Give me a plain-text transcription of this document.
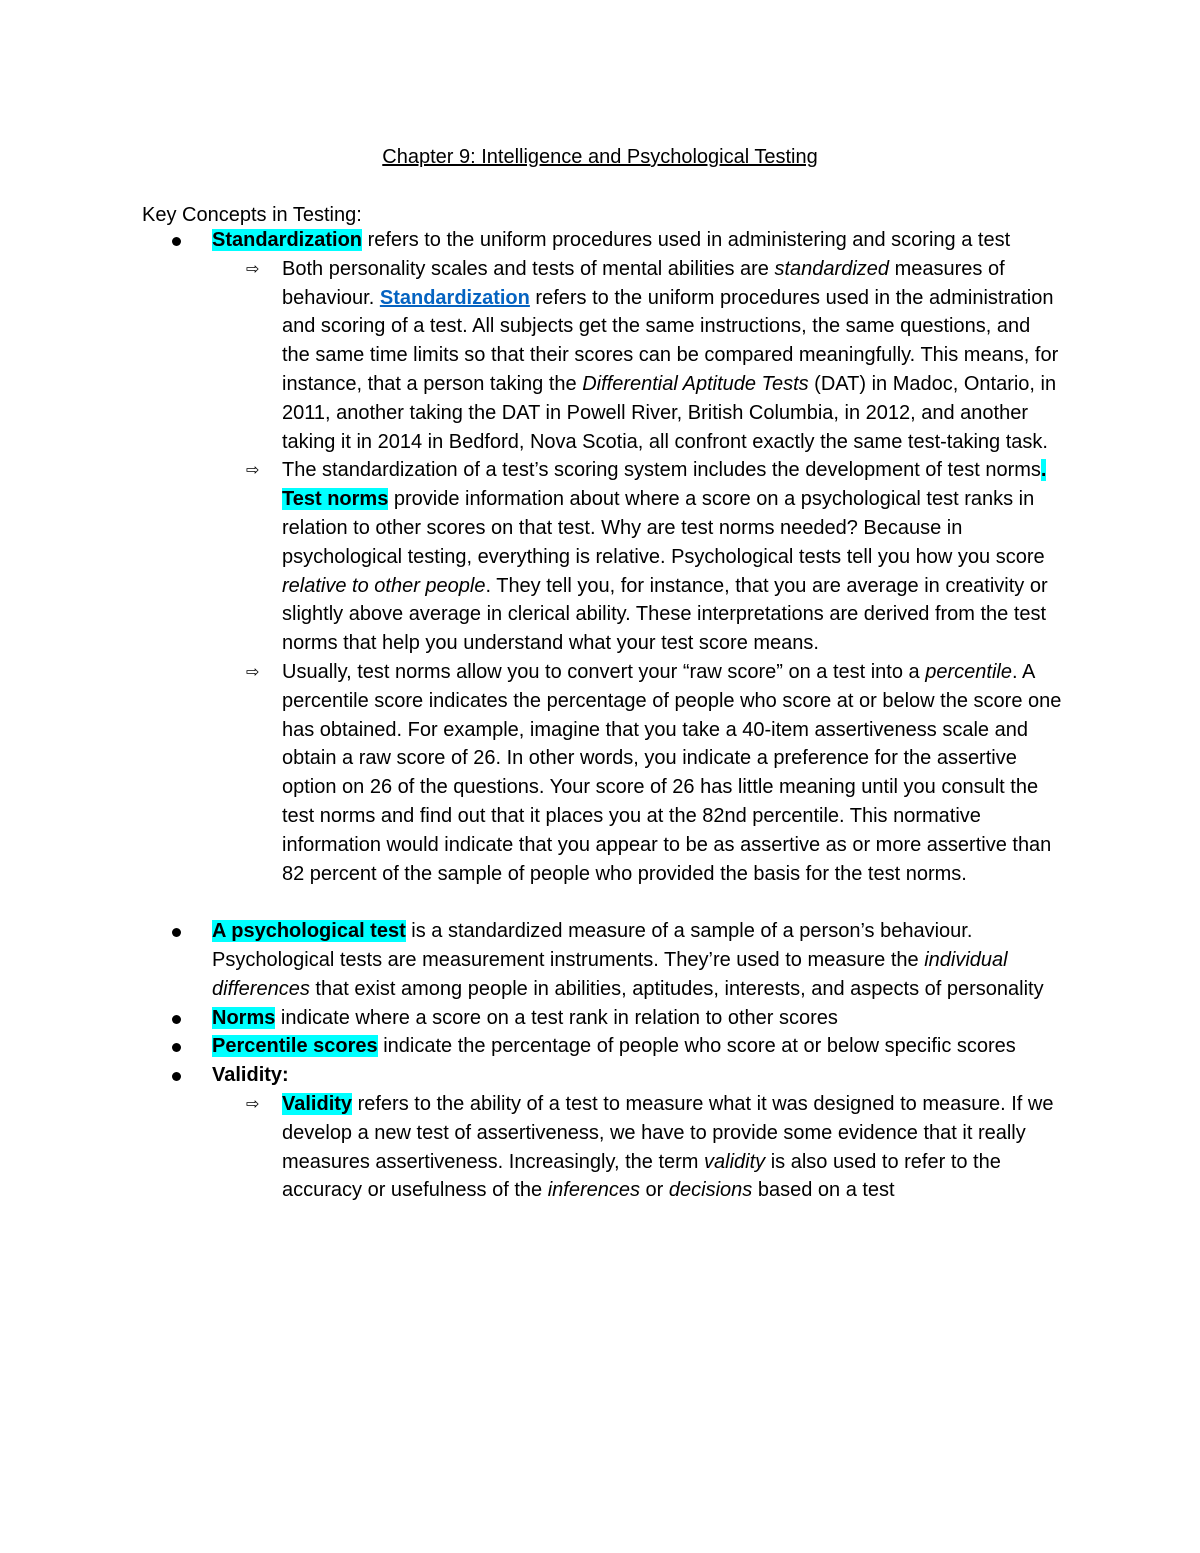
Chapter 9: Intelligence and Psychological Testing
Key Concepts in Testing:
Standardization refers to the uniform procedures used in administering and scoring a test
⇨ Both personality scales and tests of mental abilities are standardized measures of behaviour. Standardization refers to the uniform procedures used in the administration and scoring of a test. All subjects get the same instructions, the same questions, and the same time limits so that their scores can be compared meaningfully. This means, for instance, that a person taking the Differential Aptitude Tests (DAT) in Madoc, Ontario, in 2011, another taking the DAT in Powell River, British Columbia, in 2012, and another taking it in 2014 in Bedford, Nova Scotia, all confront exactly the same test-taking task.
⇨ The standardization of a test’s scoring system includes the development of test norms. Test norms provide information about where a score on a psychological test ranks in relation to other scores on that test. Why are test norms needed? Because in psychological testing, everything is relative. Psychological tests tell you how you score relative to other people. They tell you, for instance, that you are average in creativity or slightly above average in clerical ability. These interpretations are derived from the test norms that help you understand what your test score means.
⇨ Usually, test norms allow you to convert your “raw score” on a test into a percentile. A percentile score indicates the percentage of people who score at or below the score one has obtained. For example, imagine that you take a 40-item assertiveness scale and obtain a raw score of 26. In other words, you indicate a preference for the assertive option on 26 of the questions. Your score of 26 has little meaning until you consult the test norms and find out that it places you at the 82nd percentile. This normative information would indicate that you appear to be as assertive as or more assertive than 82 percent of the sample of people who provided the basis for the test norms.
A psychological test is a standardized measure of a sample of a person’s behaviour. Psychological tests are measurement instruments. They’re used to measure the individual differences that exist among people in abilities, aptitudes, interests, and aspects of personality
Norms indicate where a score on a test rank in relation to other scores
Percentile scores indicate the percentage of people who score at or below specific scores
Validity:
⇨ Validity refers to the ability of a test to measure what it was designed to measure. If we develop a new test of assertiveness, we have to provide some evidence that it really measures assertiveness. Increasingly, the term validity is also used to refer to the accuracy or usefulness of the inferences or decisions based on a test
